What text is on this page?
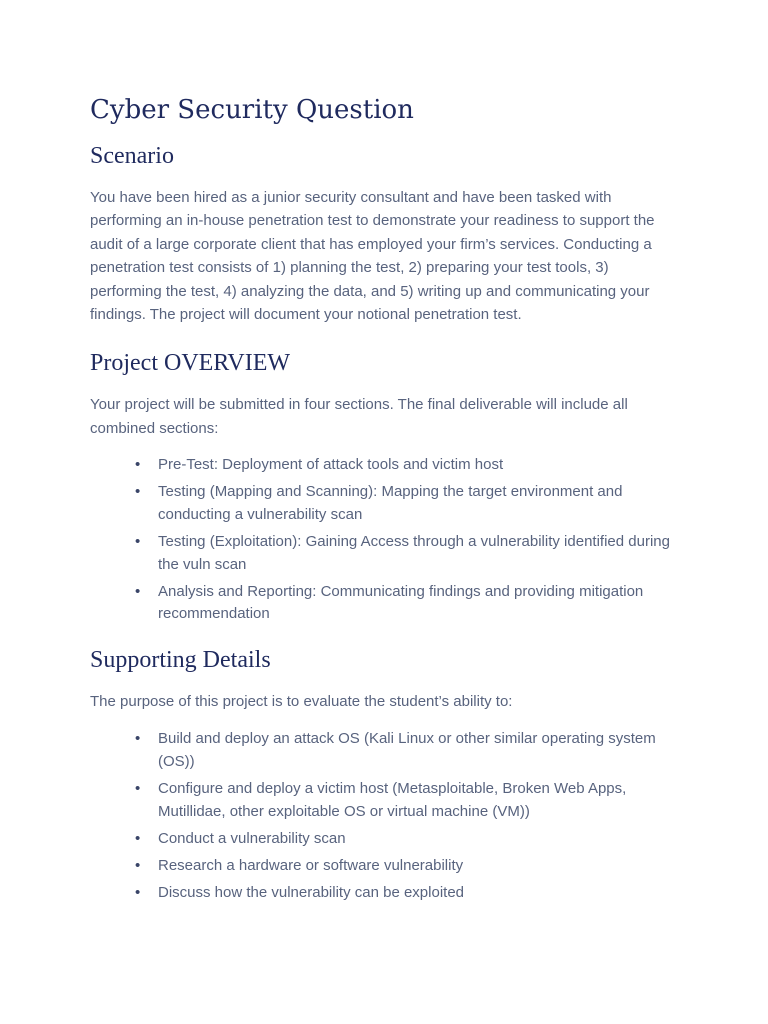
Cyber Security Question
Scenario

You have been hired as a junior security consultant and have been tasked with performing an in-house penetration test to demonstrate your readiness to support the audit of a large corporate client that has employed your firm’s services. Conducting a penetration test consists of 1) planning the test, 2) preparing your test tools, 3) performing the test, 4) analyzing the data, and 5) writing up and communicating your findings. The project will document your notional penetration test.

Project OVERVIEW

Your project will be submitted in four sections. The final deliverable will include all combined sections:

• Pre-Test: Deployment of attack tools and victim host
• Testing (Mapping and Scanning): Mapping the target environment and conducting a vulnerability scan
• Testing (Exploitation): Gaining Access through a vulnerability identified during the vuln scan
• Analysis and Reporting: Communicating findings and providing mitigation recommendation
Supporting Details

The purpose of this project is to evaluate the student’s ability to:

• Build and deploy an attack OS (Kali Linux or other similar operating system (OS))
• Configure and deploy a victim host (Metasploitable, Broken Web Apps, Mutillidae, other exploitable OS or virtual machine (VM))
• Conduct a vulnerability scan
• Research a hardware or software vulnerability
• Discuss how the vulnerability can be exploited
